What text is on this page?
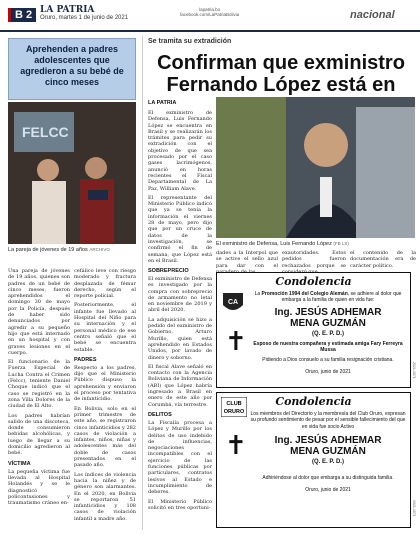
B 2 LA PATRIA
Oruro, martes 1 de junio de 2021
lapatria.bo
facebook.com/LaPatriaBolivia	nacional
Aprehenden a padres adolescentes que agredieron a su bebé de cinco meses
FELCC
La pareja de jóvenes de 19 años ARCHIVO

Una pareja de jóvenes de 19 años, quienes son padres de un bebé de cinco meses, fueron aprehendidos el domingo 30 de mayo por la Policía, después de haber sido denunciados por agredir a su pequeño hijo que está internado en un hospital y con graves lesiones en el cuerpo.

El funcionario de la Fuerza Especial de Lucha Contra el Crimen (Felcc), teniente Daniel Choque indicó que el caso se registró en la zona Villa Dolores de la ciudad de El Alto.

Los padres habrían salido de una discoteca, donde consumieron bebidas alcohólicas, y luego de llegar a su domicilio agredieron al bebé.

VÍCTIMA

La pequeña víctima fue llevada al Hospital Holandés y se le diagnosticó policontusiones y traumatismo cráneo en-

cefálico leve con riesgo moderado y fractura desplazada de fémur derecho, según el reporte policial.

Posteriormente, el infante fue llevado al Hospital del Niño para su internación y el personal médico de ese centro señaló que el bebé se encuentra estable.

PADRES

Respecto a los padres, dijo que el Ministerio Público dispuso la aprehensión y enviaron el proceso por tentativa de infanticidio.

En Bolivia, solo en el primer trimestre de este año, se registraron cinco infanticidios y 282 casos de violación a infantes, niños, niñas y adolescentes más del doble de casos presentados en el pasado año.

Los índices de violencia hacia la niñez y de género son alarmantes. En el 2020, en Bolivia se reportaron 51 infanticidios y 108 casos de violación infantil a madre año.

Se tramita su extradición
Confirman que exministro Fernando López está en
LA PATRIA

El exministro de Defensa, Luis Fernando López se encuentra en Brasil y se realizarán los trámites para pedir su extradición con el objetivo de que sea procesado por el caso gases lacrimógenos, anunció en horas recientes el Fiscal Departamental de La Paz, William Alave.

El representante del Ministerio Público indicó que ya se tenía la información el viernes 28 de mayo, pero dijo que por un cruce de datos de la investigación, se confirmó el fin de semana, que López está en el Brasil.

El exministro de Defensa, Luis Fernando López (FB LS)

SOBREPRECIO

El exministro de Defensa es investigado por la compra con sobreprecio de armamento no letal en noviembre de 2019 y abril del 2020.

La adquisición se hizo a pedido del exministro de Gobierno, Arturo Murillo, quien está aprehendido en Estados Unidos, por lavado de dinero y soborno.

El fiscal Alave señaló en contacto con la Agencia Boliviana de Información (ABI) que López habría ingresado a Brasil en enero de este año por Corumbá, vía terrestre.

DELITOS

La Fiscalía procesa a López y Murillo por los delitos de uso indebido de influencias, negociaciones incompatibles con el ejercicio de las funciones públicas por particulares, contratos lesivos al Estado e incumplimiento de deberes.

El Ministerio Público solicitó en tres oportuni-

dades a la Interpol que se active el sello azul para dar con el

exautoridades. Estos pedidos fueron rechazados porque se

el contenido de la documentación era de carácter político.

Condolencia
CA
✝
La Promoción 1994 del Colegio Alemán, se adhiere al dolor que embarga a la familia de quien en vida fue:
Ing. JESÚS ADHEMAR
MENA GUZMÁN
(Q. E. P. D.)
Esposo de nuestra compañera y estimada amiga Fary Ferreyra Mussa
Pidiendo a Dios consuelo a su familia resignación cristiana.
Oruro, junio de 2021	2021-1071
Condolencia
CLUB
ORURO
✝
Los miembros del Directorio y la membresía del Club Oruro, expresan su profundo sentimiento de pesar por el sensible fallecimiento del que en vida fue socio Activo
Ing. JESÚS ADHEMAR
MENA GUZMÁN
(Q. E. P. D.)
Adhiriéndose al dolor que embarga a su distinguida familia.
Oruro, junio de 2021
2021-1071
